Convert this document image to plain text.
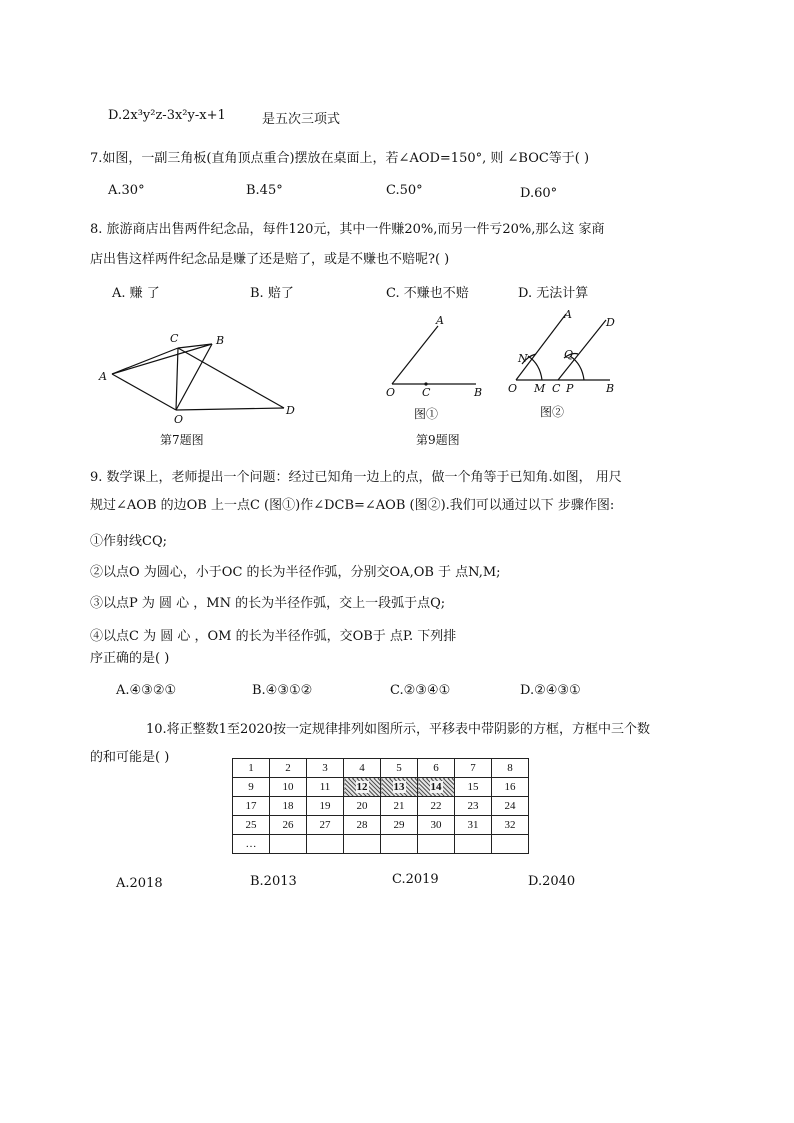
D.2x³y²z-3x²y-x+1	是五次三项式
7.如图，一副三角板(直角顶点重合)摆放在桌面上，若∠AOD=150°, 则 ∠BOC等于( )
A.30°	B.45°	C.50°	D.60°
8. 旅游商店出售两件纪念品，每件120元，其中一件赚20%,而另一件亏20%,那么这 家商
店出售这样两件纪念品是赚了还是赔了，或是不赚也不赔呢?( )
A. 赚 了	B. 赔了	C. 不赚也不赔	D. 无法计算
C	B
A
O
D
第7题图
A
O C	B
图①
A
D
N	Q
O M C P	B
图②
第9题图
9. 数学课上，老师提出一个问题：经过已知角一边上的点，做一个角等于已知角.如图， 用尺
规过∠AOB 的边OB 上一点C (图①)作∠DCB=∠AOB (图②).我们可以通过以下 步骤作图:
①作射线CQ;
②以点O 为圆心，小于OC 的长为半径作弧，分别交OA,OB 于 点N,M;
③以点P 为 圆 心 ，MN 的长为半径作弧，交上一段弧于点Q;
④以点C 为 圆 心 ，OM 的长为半径作弧，交OB于 点P. 下列排
序正确的是( )
A.④③②①	B.④③①②	C.②③④①	D.②④③①
10.将正整数1至2020按一定规律排列如图所示，平移表中带阴影的方框，方框中三个数
的和可能是( )
1	2	3	4	5	6	7	8
9	10	11	12	13	14	15	16
17	18	19	20	21	22	23	24
25	26	27	28	29	30	31	32
…							
A.2018	B.2013	C.2019	D.2040
